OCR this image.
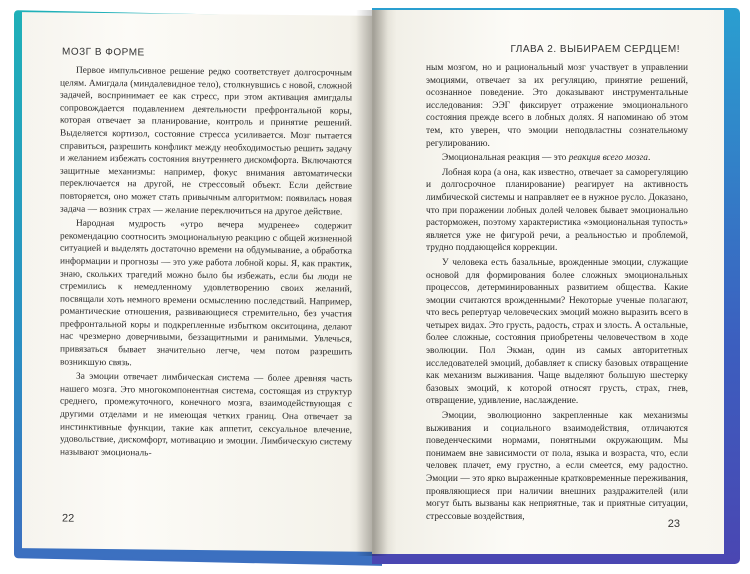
МОЗГ В ФОРМЕ

Первое импульсивное решение редко соответствует долгосрочным целям. Амигдала (миндалевидное тело), столкнувшись с новой, сложной задачей, воспринимает ее как стресс, при этом активация амигдалы сопровождается подавлением деятельности префронтальной коры, которая отвечает за планирование, контроль и принятие решений. Выделяется кортизол, состояние стресса усиливается. Мозг пытается справиться, разрешить конфликт между необходимостью решить задачу и желанием избежать состояния внутреннего дискомфорта. Включаются защитные механизмы: например, фокус внимания автоматически переключается на другой, не стрессовый объект. Если действие повторяется, оно может стать привычным алгоритмом: появилась новая задача — возник страх — желание переключиться на другое действие.

Народная мудрость «утро вечера мудренее» содержит рекомендацию соотносить эмоциональную реакцию с общей жизненной ситуацией и выделять достаточно времени на обдумывание, а обработка информации и прогнозы — это уже работа лобной коры. Я, как практик, знаю, скольких трагедий можно было бы избежать, если бы люди не стремились к немедленному удовлетворению своих желаний, посвящали хоть немного времени осмыслению последствий. Например, романтические отношения, развивающиеся стремительно, без участия префронтальной коры и подкрепленные избытком окситоцина, делают нас чрезмерно доверчивыми, беззащитными и ранимыми. Увлечься, привязаться бывает значительно легче, чем потом разрешить возникшую связь.

За эмоции отвечает лимбическая система — более древняя часть нашего мозга. Это многокомпонентная система, состоящая из структур среднего, промежуточного, конечного мозга, взаимодействующая с другими отделами и не имеющая четких границ. Она отвечает за инстинктивные функции, такие как аппетит, сексуальное влечение, удовольствие, дискомфорт, мотивацию и эмоции. Лимбическую систему называют эмоциональ-

22
ГЛАВА 2. ВЫБИРАЕМ СЕРДЦЕМ!

ным мозгом, но и рациональный мозг участвует в управлении эмоциями, отвечает за их регуляцию, принятие решений, осознанное поведение. Это доказывают инструментальные исследования: ЭЭГ фиксирует отражение эмоционального состояния прежде всего в лобных долях. Я напоминаю об этом тем, кто уверен, что эмоции неподвластны сознательному регулированию.

Эмоциональная реакция — это реакция всего мозга.

Лобная кора (а она, как известно, отвечает за саморегуляцию и долгосрочное планирование) реагирует на активность лимбической системы и направляет ее в нужное русло. Доказано, что при поражении лобных долей человек бывает эмоционально расторможен, поэтому характеристика «эмоциональная тупость» является уже не фигурой речи, а реальностью и проблемой, трудно поддающейся коррекции.

У человека есть базальные, врожденные эмоции, служащие основой для формирования более сложных эмоциональных процессов, детерминированных развитием общества. Какие эмоции считаются врожденными? Некоторые ученые полагают, что весь репертуар человеческих эмоций можно выразить всего в четырех видах. Это грусть, радость, страх и злость. А остальные, более сложные, состояния приобретены человечеством в ходе эволюции. Пол Экман, один из самых авторитетных исследователей эмоций, добавляет к списку базовых отвращение как механизм выживания. Чаще выделяют большую шестерку базовых эмоций, к которой относят грусть, страх, гнев, отвращение, удивление, наслаждение.

Эмоции, эволюционно закрепленные как механизмы выживания и социального взаимодействия, отличаются поведенческими нормами, понятными окружающим. Мы понимаем вне зависимости от пола, языка и возраста, что, если человек плачет, ему грустно, а если смеется, ему радостно. Эмоции — это ярко выраженные кратковременные переживания, проявляющиеся при наличии внешних раздражителей (или могут быть вызваны как неприятные, так и приятные ситуации, стрессовые воздействия,

23
